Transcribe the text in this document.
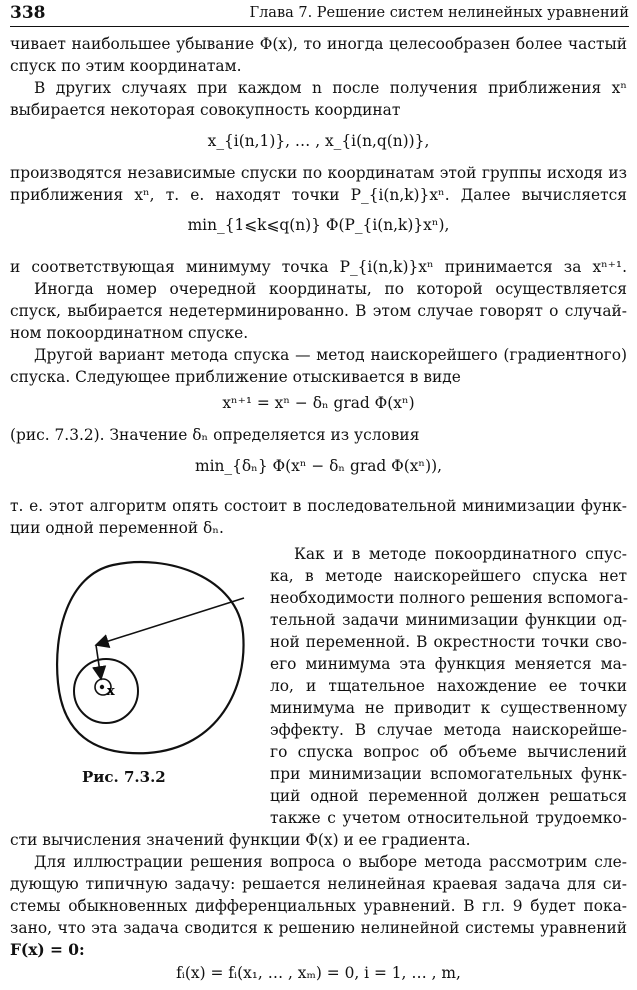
338	Глава 7. Решение систем нелинейных уравнений
чивает наибольшее убывание Φ(x), то иногда целесообразен более частый
спуск по этим координатам.
В других случаях при каждом n после получения приближения xⁿ
выбирается некоторая совокупность координат
x_{i(n,1)}, … , x_{i(n,q(n))},
производятся независимые спуски по координатам этой группы исходя из
приближения xⁿ, т. е. находят точки P_{i(n,k)}xⁿ. Далее вычисляется
min_{1⩽k⩽q(n)} Φ(P_{i(n,k)}xⁿ),
и соответствующая минимуму точка P_{i(n,k)}xⁿ принимается за xⁿ⁺¹.
Иногда номер очередной координаты, по которой осуществляется
спуск, выбирается недетерминированно. В этом случае говорят о случай-
ном покоординатном спуске.
Другой вариант метода спуска — метод наискорейшего (градиентного)
спуска. Следующее приближение отыскивается в виде
xⁿ⁺¹ = xⁿ − δₙ grad Φ(xⁿ)
(рис. 7.3.2). Значение δₙ определяется из условия
min_{δₙ} Φ(xⁿ − δₙ grad Φ(xⁿ)),
т. е. этот алгоритм опять состоит в последовательной минимизации функ-
ции одной переменной δₙ.
Как и в методе покоординатного спус-
ка, в методе наискорейшего спуска нет
необходимости полного решения вспомога-
тельной задачи минимизации функции од-
ной переменной. В окрестности точки сво-
его минимума эта функция меняется ма-
ло, и тщательное нахождение ее точки
минимума не приводит к существенному
эффекту. В случае метода наискорейше-
го спуска вопрос об объеме вычислений
при минимизации вспомогательных функ-
ций одной переменной должен решаться
также с учетом относительной трудоемко-
x
Рис. 7.3.2
сти вычисления значений функции Φ(x) и ее градиента.
Для иллюстрации решения вопроса о выборе метода рассмотрим сле-
дующую типичную задачу: решается нелинейная краевая задача для си-
стемы обыкновенных дифференциальных уравнений. В гл. 9 будет пока-
зано, что эта задача сводится к решению нелинейной системы уравнений
F(x) = 0:
fᵢ(x) = fᵢ(x₁, … , xₘ) = 0, i = 1, … , m,
